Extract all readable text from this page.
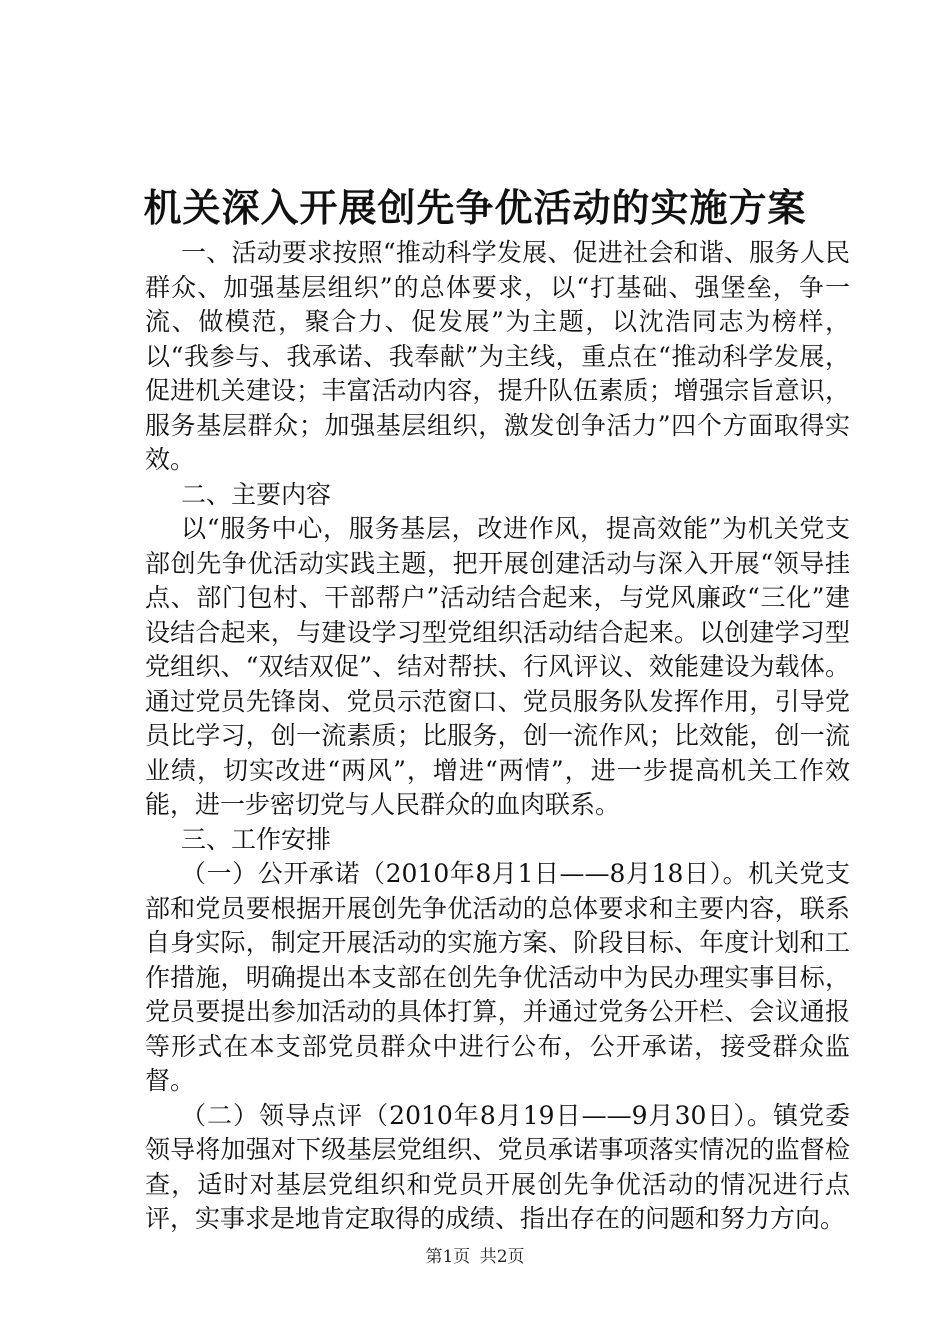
机关深入开展创先争优活动的实施方案

一、活动要求按照“推动科学发展、促进社会和谐、服务人民群众、加强基层组织”的总体要求，以“打基础、强堡垒，争一流、做模范，聚合力、促发展”为主题，以沈浩同志为榜样，以“我参与、我承诺、我奉献”为主线，重点在“推动科学发展，促进机关建设；丰富活动内容，提升队伍素质；增强宗旨意识，服务基层群众；加强基层组织，激发创争活力”四个方面取得实效。

二、主要内容

以“服务中心，服务基层，改进作风，提高效能”为机关党支部创先争优活动实践主题，把开展创建活动与深入开展“领导挂点、部门包村、干部帮户”活动结合起来，与党风廉政“三化”建设结合起来，与建设学习型党组织活动结合起来。以创建学习型党组织、“双结双促”、结对帮扶、行风评议、效能建设为载体。通过党员先锋岗、党员示范窗口、党员服务队发挥作用，引导党员比学习，创一流素质；比服务，创一流作风；比效能，创一流业绩，切实改进“两风”，增进“两情”，进一步提高机关工作效能，进一步密切党与人民群众的血肉联系。

三、工作安排

（一）公开承诺（2010年8月1日——8月18日）。机关党支部和党员要根据开展创先争优活动的总体要求和主要内容，联系自身实际，制定开展活动的实施方案、阶段目标、年度计划和工作措施，明确提出本支部在创先争优活动中为民办理实事目标，党员要提出参加活动的具体打算，并通过党务公开栏、会议通报等形式在本支部党员群众中进行公布，公开承诺，接受群众监督。

（二）领导点评（2010年8月19日——9月30日）。镇党委领导将加强对下级基层党组织、党员承诺事项落实情况的监督检查，适时对基层党组织和党员开展创先争优活动的情况进行点评，实事求是地肯定取得的成绩、指出存在的问题和努力方向。

第1页 共2页
